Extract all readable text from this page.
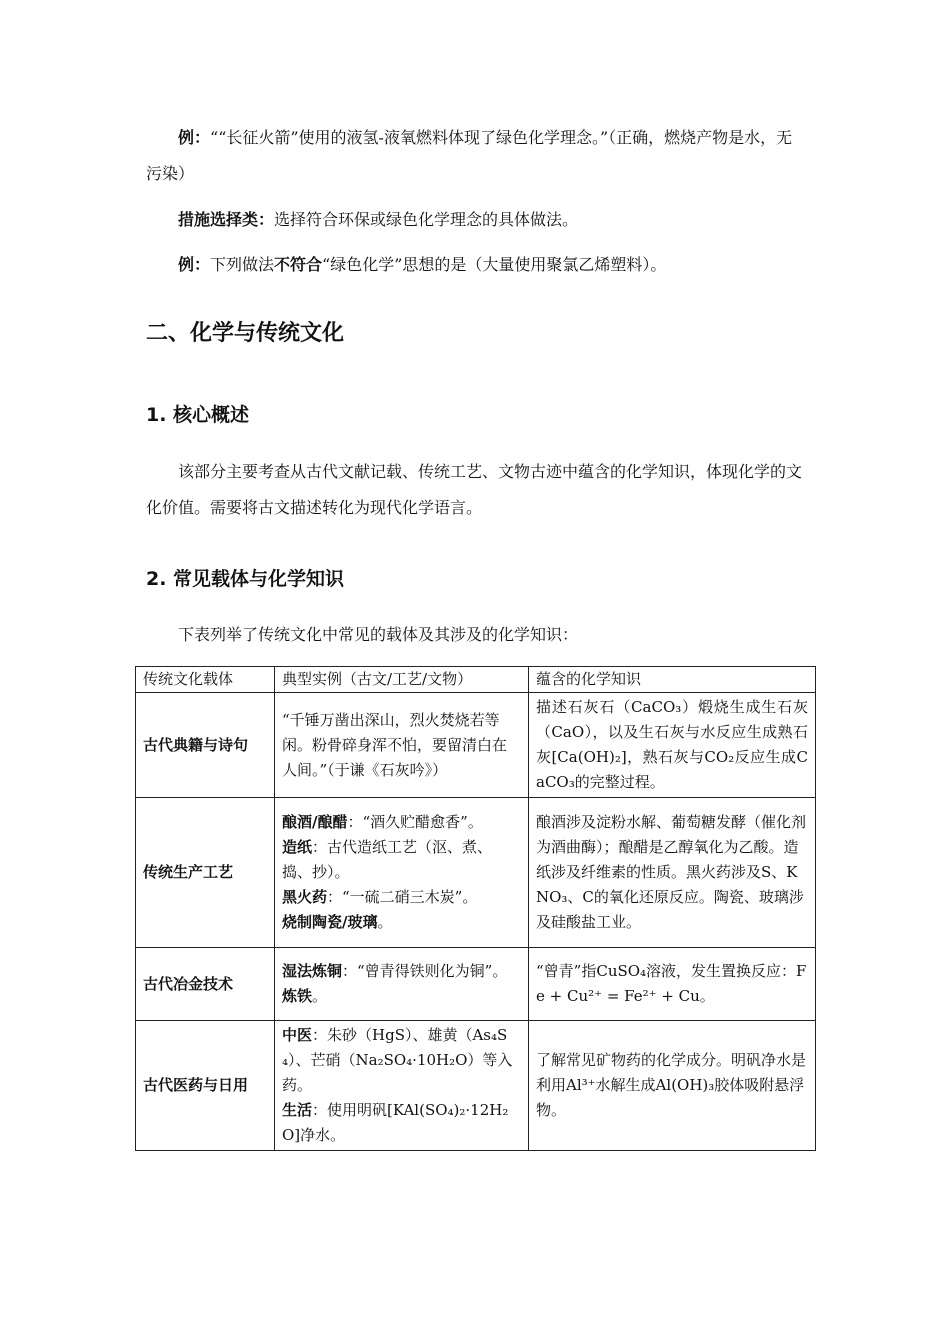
例：““长征火箭”使用的液氢-液氧燃料体现了绿色化学理念。”（正确，燃烧产物是水，无污染）

措施选择类：选择符合环保或绿色化学理念的具体做法。

例：下列做法不符合“绿色化学”思想的是（大量使用聚氯乙烯塑料）。

二、化学与传统文化
1. 核心概述

该部分主要考查从古代文献记载、传统工艺、文物古迹中蕴含的化学知识，体现化学的文化价值。需要将古文描述转化为现代化学语言。

2. 常见载体与化学知识

下表列举了传统文化中常见的载体及其涉及的化学知识：

传统文化载体	典型实例（古文/工艺/文物）	蕴含的化学知识
古代典籍与诗句	“千锤万凿出深山，烈火焚烧若等闲。粉骨碎身浑不怕，要留清白在人间。”（于谦《石灰吟》）	描述石灰石（CaCO₃）煅烧生成生石灰（CaO），以及生石灰与水反应生成熟石灰[Ca(OH)₂]，熟石灰与CO₂反应生成CaCO₃的完整过程。
传统生产工艺	酿酒/酿醋：“酒久贮醋愈香”。
造纸：古代造纸工艺（沤、煮、捣、抄）。
黑火药：“一硫二硝三木炭”。
烧制陶瓷/玻璃。	酿酒涉及淀粉水解、葡萄糖发酵（催化剂为酒曲酶）；酿醋是乙醇氧化为乙酸。造纸涉及纤维素的性质。黑火药涉及S、KNO₃、C的氧化还原反应。陶瓷、玻璃涉及硅酸盐工业。
古代冶金技术	湿法炼铜：“曾青得铁则化为铜”。
炼铁。	“曾青”指CuSO₄溶液，发生置换反应：Fe + Cu²⁺ = Fe²⁺ + Cu。
古代医药与日用	中医：朱砂（HgS）、雄黄（As₄S₄）、芒硝（Na₂SO₄·10H₂O）等入药。
生活：使用明矾[KAl(SO₄)₂·12H₂O]净水。	了解常见矿物药的化学成分。明矾净水是利用Al³⁺水解生成Al(OH)₃胶体吸附悬浮物。
